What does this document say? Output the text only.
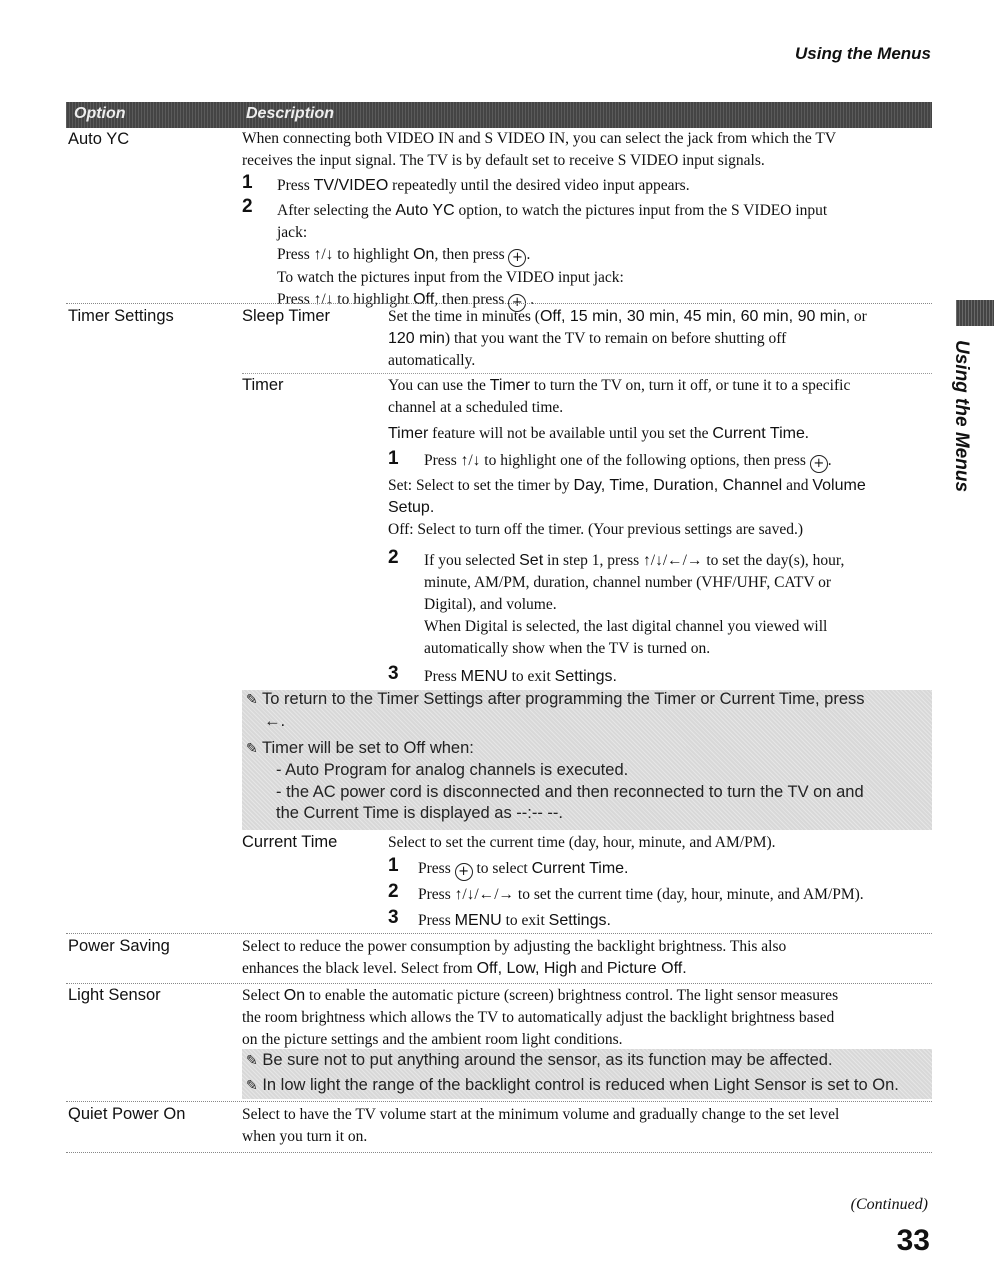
Using the Menus
Option	Description
Using the Menus
Auto YC	When connecting both VIDEO IN and S VIDEO IN, you can select the jack from which the TV
receives the input signal. The TV is by default set to receive S VIDEO input signals.
1 Press TV/VIDEO repeatedly until the desired video input appears.
2 After selecting the Auto YC option, to watch the pictures input from the S VIDEO input
jack:
Press ↑/↓ to highlight On, then press + .
To watch the pictures input from the VIDEO input jack:
Press ↑/↓ to highlight Off, then press + .
Timer Settings	Sleep Timer	Set the time in minutes (Off, 15 min, 30 min, 45 min, 60 min, 90 min, or
120 min) that you want the TV to remain on before shutting off
automatically.
Timer	You can use the Timer to turn the TV on, turn it off, or tune it to a specific
channel at a scheduled time.
Timer feature will not be available until you set the Current Time.
1 Press ↑/↓ to highlight one of the following options, then press + .
Set: Select to set the timer by Day, Time, Duration, Channel and Volume
Setup.
Off: Select to turn off the timer. (Your previous settings are saved.)
2 If you selected Set in step 1, press ↑/↓/←/→ to set the day(s), hour,
minute, AM/PM, duration, channel number (VHF/UHF, CATV or
Digital), and volume.
When Digital is selected, the last digital channel you viewed will
automatically show when the TV is turned on.
3 Press MENU to exit Settings.
✎ To return to the Timer Settings after programming the Timer or Current Time, press
←.
✎ Timer will be set to Off when:
- Auto Program for analog channels is executed.
- the AC power cord is disconnected and then reconnected to turn the TV on and
the Current Time is displayed as --:-- --.
Current Time	Select to set the current time (day, hour, minute, and AM/PM).
1 Press + to select Current Time.
2 Press ↑/↓/←/→ to set the current time (day, hour, minute, and AM/PM).
3 Press MENU to exit Settings.
Power Saving	Select to reduce the power consumption by adjusting the backlight brightness. This also
enhances the black level. Select from Off, Low, High and Picture Off.
Light Sensor	Select On to enable the automatic picture (screen) brightness control. The light sensor measures
the room brightness which allows the TV to automatically adjust the backlight brightness based
on the picture settings and the ambient room light conditions.
✎ Be sure not to put anything around the sensor, as its function may be affected.
✎ In low light the range of the backlight control is reduced when Light Sensor is set to On.
Quiet Power On	Select to have the TV volume start at the minimum volume and gradually change to the set level
when you turn it on.
(Continued)
33
